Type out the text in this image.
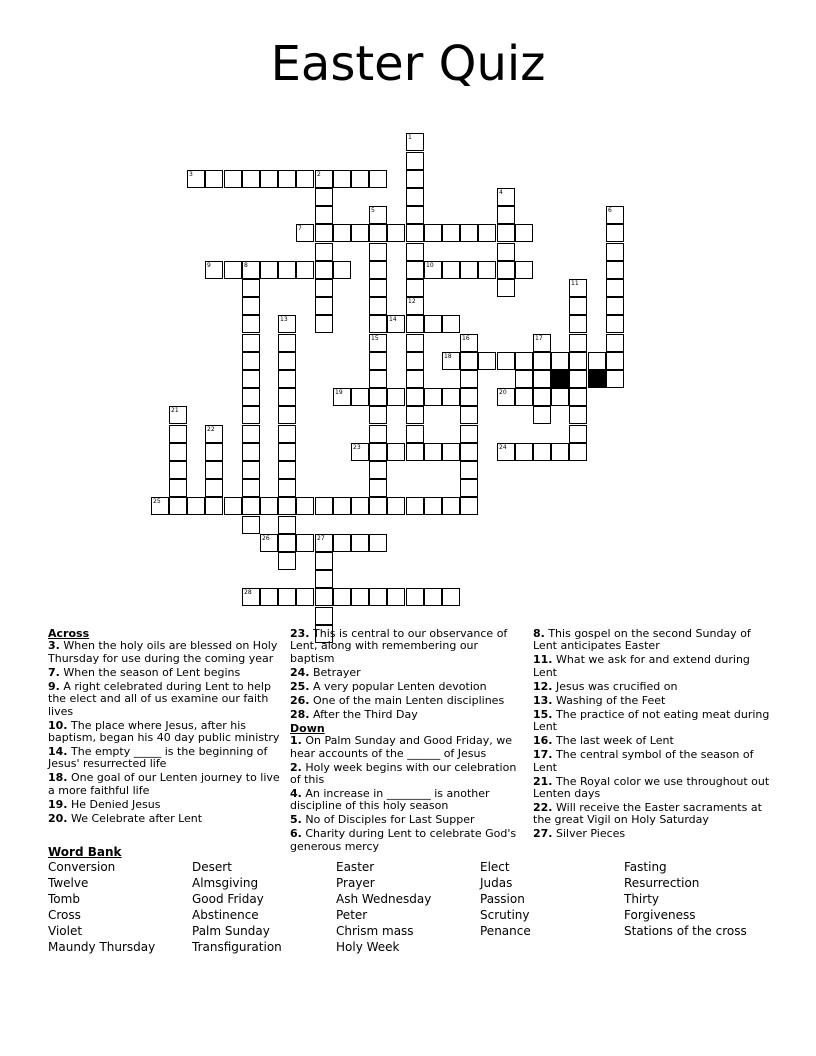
Easter Quiz
3	2
7
9	8	10
14
18
19	20
23	24
25
26	27
28
1
12
4
5	6
11
13
15	16	17
21
22
Across
3. When the holy oils are blessed on Holy Thursday for use during the coming year
7. When the season of Lent begins
9. A right celebrated during Lent to help the elect and all of us examine our faith lives
10. The place where Jesus, after his baptism, began his 40 day public ministry
14. The empty _____ is the beginning of Jesus' resurrected life
18. One goal of our Lenten journey to live a more faithful life
19. He Denied Jesus
20. We Celebrate after Lent
23. This is central to our observance of Lent, along with remembering our baptism
24. Betrayer
25. A very popular Lenten devotion
26. One of the main Lenten disciplines
28. After the Third Day
Down
1. On Palm Sunday and Good Friday, we hear accounts of the ______ of Jesus
2. Holy week begins with our celebration of this
4. An increase in ________ is another discipline of this holy season
5. No of Disciples for Last Supper
6. Charity during Lent to celebrate God's generous mercy
8. This gospel on the second Sunday of Lent anticipates Easter
11. What we ask for and extend during Lent
12. Jesus was crucified on
13. Washing of the Feet
15. The practice of not eating meat during Lent
16. The last week of Lent
17. The central symbol of the season of Lent
21. The Royal color we use throughout out Lenten days
22. Will receive the Easter sacraments at the great Vigil on Holy Saturday
27. Silver Pieces
Word Bank
Conversion	Desert	Easter	Elect	Fasting
Twelve	Almsgiving	Prayer	Judas	Resurrection
Tomb	Good Friday	Ash Wednesday	Passion	Thirty
Cross	Abstinence	Peter	Scrutiny	Forgiveness
Violet	Palm Sunday	Chrism mass	Penance	Stations of the cross
Maundy Thursday	Transfiguration	Holy Week
